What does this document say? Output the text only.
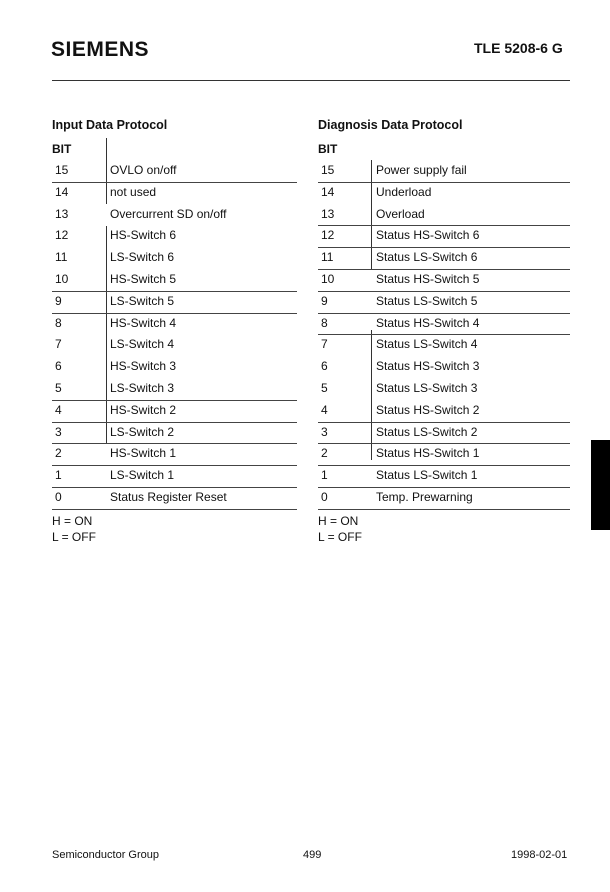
SIEMENS	TLE 5208-6 G
Input Data Protocol
BIT
15	OVLO on/off
14	not used
13	Overcurrent SD on/off
12	HS-Switch 6
11	LS-Switch 6
10	HS-Switch 5
9	LS-Switch 5
8	HS-Switch 4
7	LS-Switch 4
6	HS-Switch 3
5	LS-Switch 3
4	HS-Switch 2
3	LS-Switch 2
2	HS-Switch 1
1	LS-Switch 1
0	Status Register Reset
H = ON
L = OFF
Diagnosis Data Protocol
BIT
15	Power supply fail
14	Underload
13	Overload
12	Status HS-Switch 6
11	Status LS-Switch 6
10	Status HS-Switch 5
9	Status LS-Switch 5
8	Status HS-Switch 4
7	Status LS-Switch 4
6	Status HS-Switch 3
5	Status LS-Switch 3
4	Status HS-Switch 2
3	Status LS-Switch 2
2	Status HS-Switch 1
1	Status LS-Switch 1
0	Temp. Prewarning
H = ON
L = OFF
Semiconductor Group	499	1998-02-01
